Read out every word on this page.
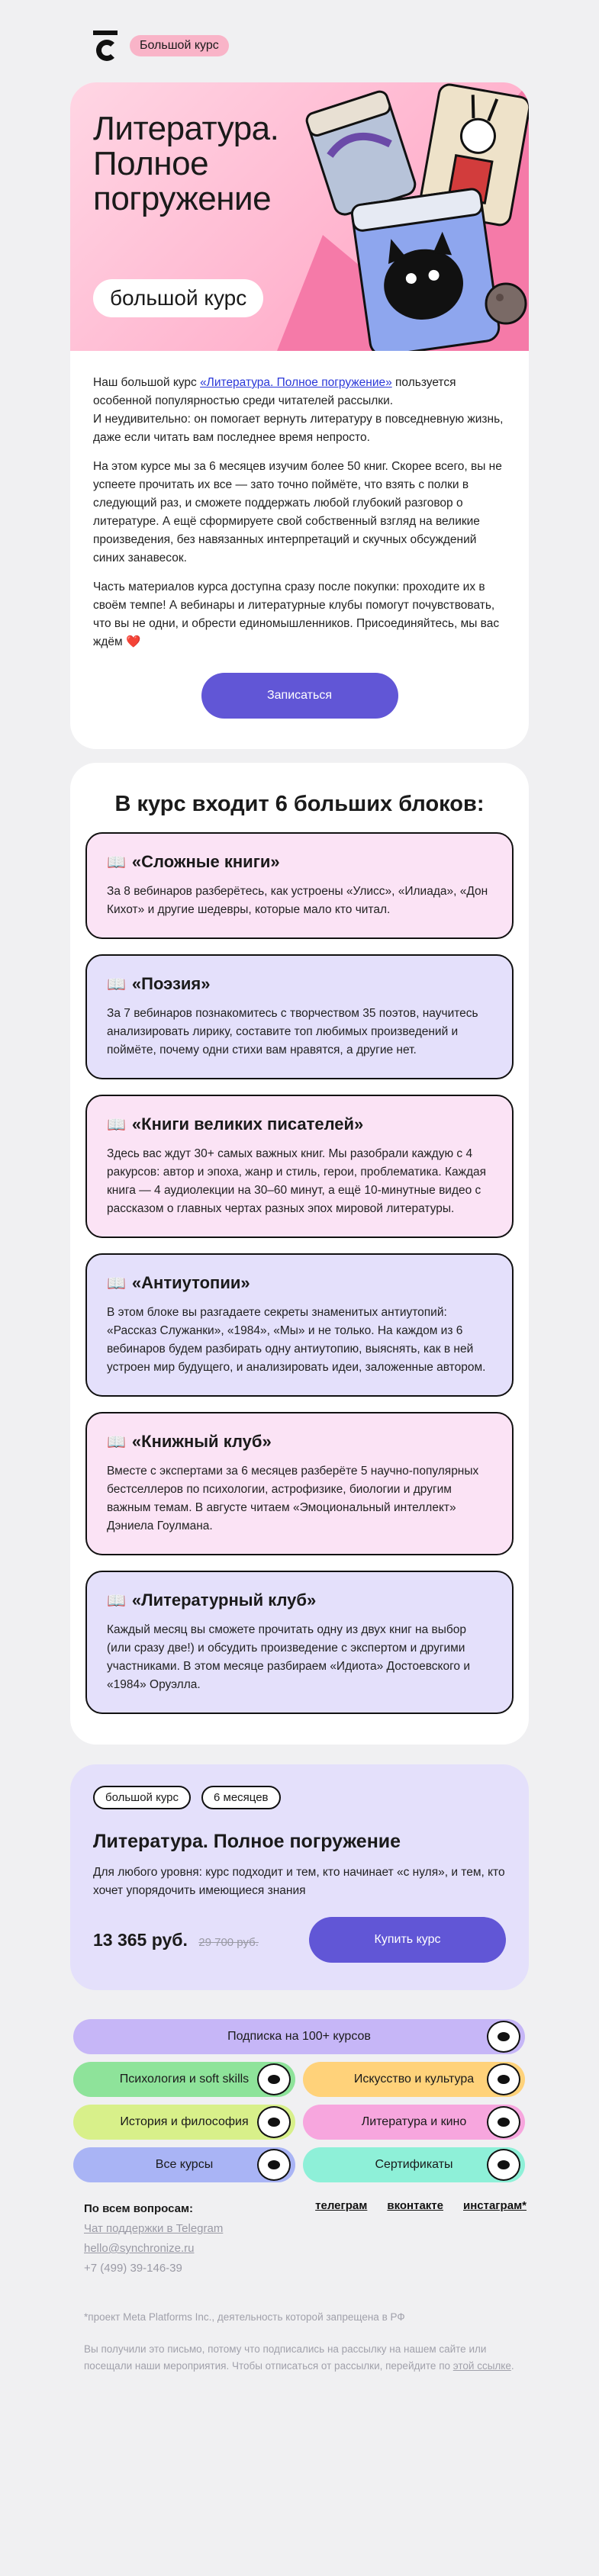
Большой курс
Литература.
Полное
погружение
большой курс

Наш большой курс «Литература. Полное погружение» пользуется особенной популярностью среди читателей рассылки.
И неудивительно: он помогает вернуть литературу в повседневную жизнь, даже если читать вам последнее время непросто.

На этом курсе мы за 6 месяцев изучим более 50 книг. Скорее всего, вы не успеете прочитать их все — зато точно поймёте, что взять с полки в следующий раз, и сможете поддержать любой глубокий разговор о литературе. А ещё сформируете свой собственный взгляд на великие произведения, без навязанных интерпретаций и скучных обсуждений синих занавесок.

Часть материалов курса доступна сразу после покупки: проходите их в своём темпе! А вебинары и литературные клубы помогут почувствовать, что вы не одни, и обрести единомышленников. Присоединяйтесь, мы вас ждём ❤️

Записаться
В курс входит 6 больших блоков:
📖 «Сложные книги»

За 8 вебинаров разберётесь, как устроены «Улисс», «Илиада», «Дон Кихот» и другие шедевры, которые мало кто читал.

📖 «Поэзия»

За 7 вебинаров познакомитесь с творчеством 35 поэтов, научитесь анализировать лирику, составите топ любимых произведений и поймёте, почему одни стихи вам нравятся, а другие нет.

📖 «Книги великих писателей»

Здесь вас ждут 30+ самых важных книг. Мы разобрали каждую с 4 ракурсов: автор и эпоха, жанр и стиль, герои, проблематика. Каждая книга — 4 аудиолекции на 30–60 минут, а ещё 10-минутные видео с рассказом о главных чертах разных эпох мировой литературы.

📖 «Антиутопии»

В этом блоке вы разгадаете секреты знаменитых антиутопий: «Рассказ Служанки», «1984», «Мы» и не только. На каждом из 6 вебинаров будем разбирать одну антиутопию, выяснять, как в ней устроен мир будущего, и анализировать идеи, заложенные автором.

📖 «Книжный клуб»

Вместе с экспертами за 6 месяцев разберёте 5 научно-популярных бестселлеров по психологии, астрофизике, биологии и другим важным темам. В августе читаем «Эмоциональный интеллект» Дэниела Гоулмана.

📖 «Литературный клуб»

Каждый месяц вы сможете прочитать одну из двух книг на выбор (или сразу две!) и обсудить произведение с экспертом и другими участниками. В этом месяце разбираем «Идиота» Достоевского и «1984» Оруэлла.

большой курс	6 месяцев
Литература. Полное погружение
Для любого уровня: курс подходит и тем, кто начинает «с нуля», и тем, кто хочет упорядочить имеющиеся знания
13 365 руб. 29 700 руб.	Купить курс
Подписка на 100+ курсов
Психология и soft skills	Искусство и культура
История и философия	Литература и кино
Все курсы	Сертификаты
По всем вопросам:
Чат поддержки в Telegram
hello@synchronize.ru
+7 (499) 39-146-39
телеграм вконтакте инстаграм*

*проект Meta Platforms Inc., деятельность которой запрещена в РФ

Вы получили это письмо, потому что подписались на рассылку на нашем сайте или посещали наши мероприятия. Чтобы отписаться от рассылки, перейдите по этой ссылке.
